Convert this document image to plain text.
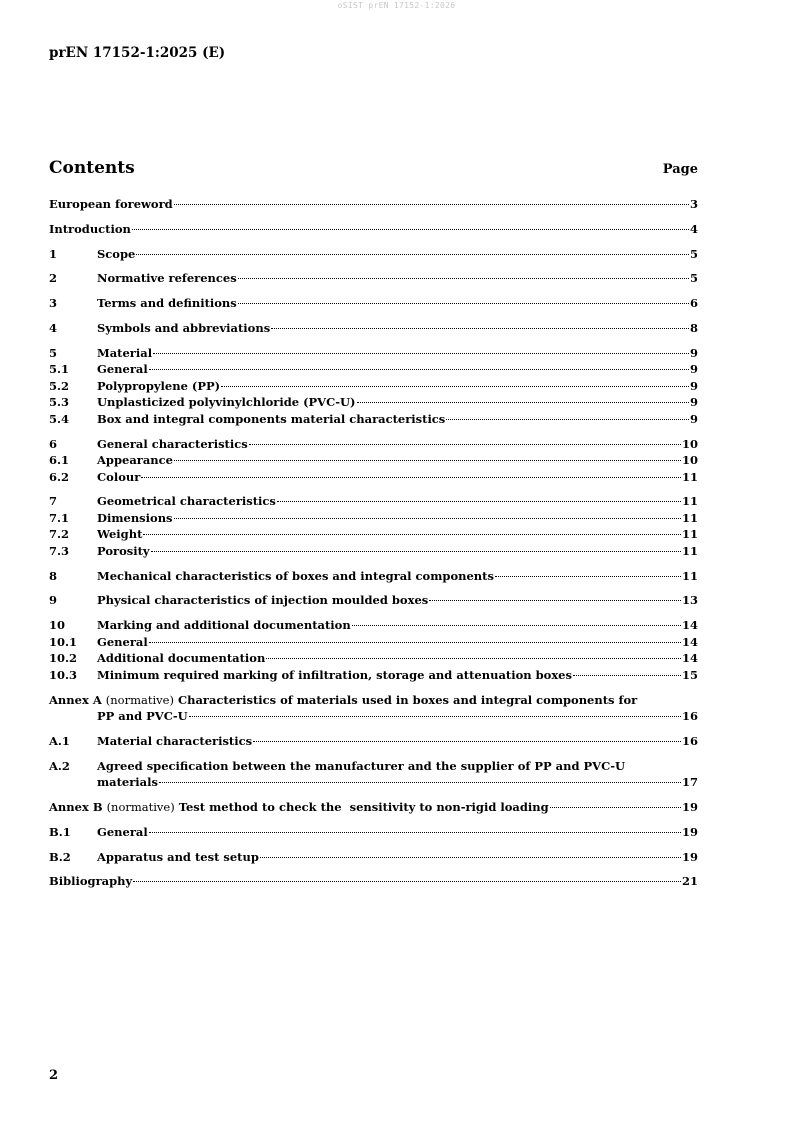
oSIST prEN 17152-1:2026
prEN 17152-1:2025 (E)
Contents	Page
European foreword	3
Introduction	4
1	Scope	5
2	Normative references	5
3	Terms and definitions	6
4	Symbols and abbreviations	8
5	Material	9
5.1	General	9
5.2	Polypropylene (PP)	9
5.3	Unplasticized polyvinylchloride (PVC-U)	9
5.4	Box and integral components material characteristics	9
6	General characteristics	10
6.1	Appearance	10
6.2	Colour	11
7	Geometrical characteristics	11
7.1	Dimensions	11
7.2	Weight	11
7.3	Porosity	11
8	Mechanical characteristics of boxes and integral components	11
9	Physical characteristics of injection moulded boxes	13
10	Marking and additional documentation	14
10.1	General	14
10.2	Additional documentation	14
10.3	Minimum required marking of infiltration, storage and attenuation boxes	15
Annex A (normative) Characteristics of materials used in boxes and integral components for
PP and PVC-U	16
A.1	Material characteristics	16
A.2	Agreed specification between the manufacturer and the supplier of PP and PVC-U
materials	17
Annex B (normative) Test method to check the  sensitivity to non-rigid loading	19
B.1	General	19
B.2	Apparatus and test setup	19
Bibliography	21
2
